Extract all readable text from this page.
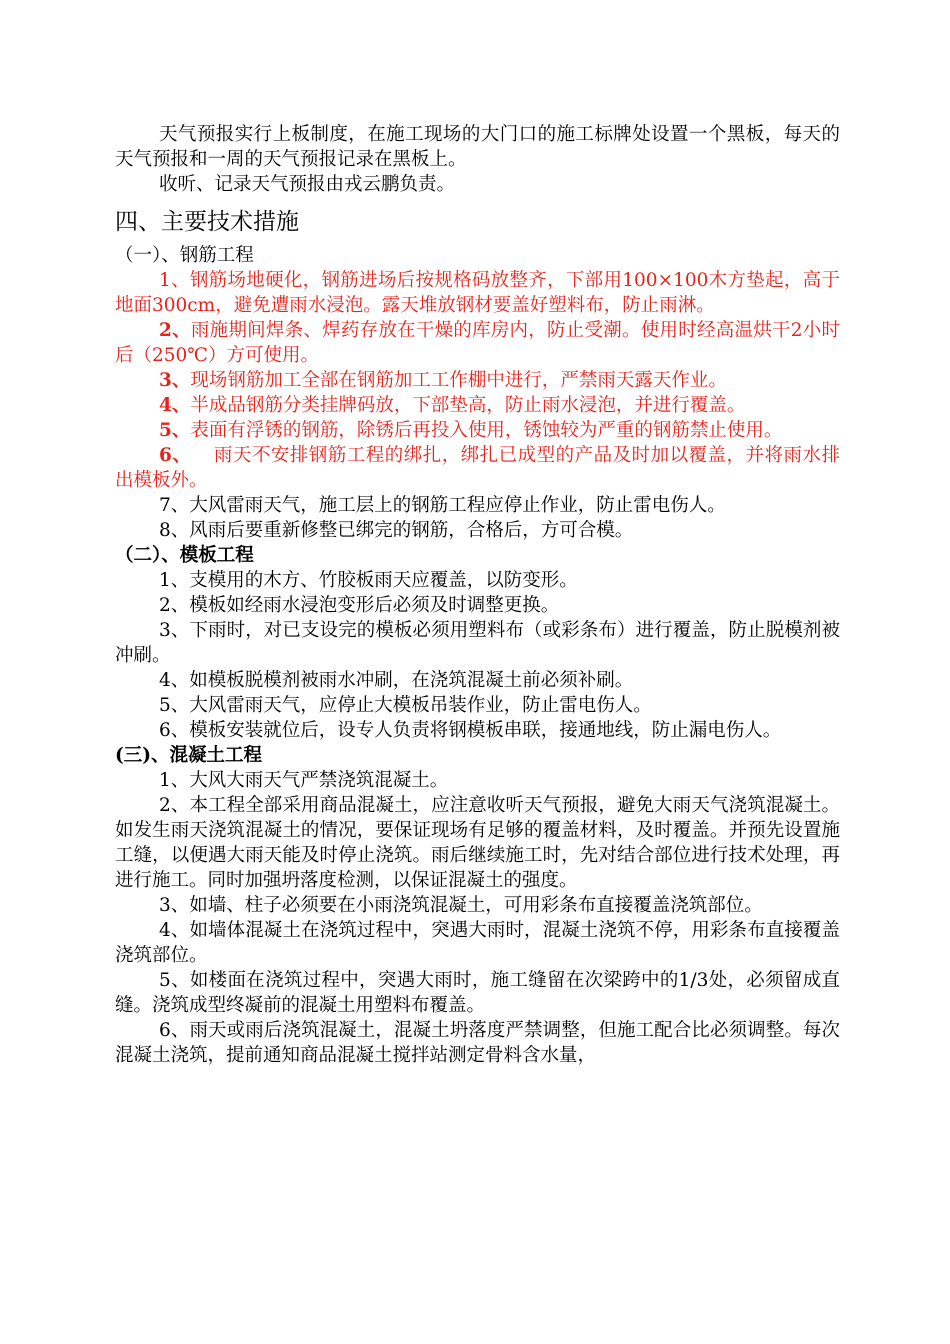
天气预报实行上板制度，在施工现场的大门口的施工标牌处设置一个黑板，每天的天气预报和一周的天气预报记录在黑板上。

收听、记录天气预报由戎云鹏负责。

四、主要技术措施

（一）、钢筋工程

1、钢筋场地硬化，钢筋进场后按规格码放整齐，下部用100×100木方垫起，高于地面300cm，避免遭雨水浸泡。露天堆放钢材要盖好塑料布，防止雨淋。

2、雨施期间焊条、焊药存放在干燥的库房内，防止受潮。使用时经高温烘干2小时后（250℃）方可使用。

3、现场钢筋加工全部在钢筋加工工作棚中进行，严禁雨天露天作业。

4、半成品钢筋分类挂牌码放，下部垫高，防止雨水浸泡，并进行覆盖。

5、表面有浮锈的钢筋，除锈后再投入使用，锈蚀较为严重的钢筋禁止使用。

6、 雨天不安排钢筋工程的绑扎，绑扎已成型的产品及时加以覆盖，并将雨水排出模板外。

7、大风雷雨天气，施工层上的钢筋工程应停止作业，防止雷电伤人。

8、风雨后要重新修整已绑完的钢筋，合格后，方可合模。

（二）、模板工程

1、支模用的木方、竹胶板雨天应覆盖，以防变形。

2、模板如经雨水浸泡变形后必须及时调整更换。

3、下雨时，对已支设完的模板必须用塑料布（或彩条布）进行覆盖，防止脱模剂被冲刷。

4、如模板脱模剂被雨水冲刷，在浇筑混凝土前必须补刷。

5、大风雷雨天气，应停止大模板吊装作业，防止雷电伤人。

6、模板安装就位后，设专人负责将钢模板串联，接通地线，防止漏电伤人。

(三)、混凝土工程

1、大风大雨天气严禁浇筑混凝土。

2、本工程全部采用商品混凝土，应注意收听天气预报，避免大雨天气浇筑混凝土。如发生雨天浇筑混凝土的情况，要保证现场有足够的覆盖材料，及时覆盖。并预先设置施工缝，以便遇大雨天能及时停止浇筑。雨后继续施工时，先对结合部位进行技术处理，再进行施工。同时加强坍落度检测，以保证混凝土的强度。

3、如墙、柱子必须要在小雨浇筑混凝土，可用彩条布直接覆盖浇筑部位。

4、如墙体混凝土在浇筑过程中，突遇大雨时，混凝土浇筑不停，用彩条布直接覆盖浇筑部位。

5、如楼面在浇筑过程中，突遇大雨时，施工缝留在次梁跨中的1/3处，必须留成直缝。浇筑成型终凝前的混凝土用塑料布覆盖。

6、雨天或雨后浇筑混凝土，混凝土坍落度严禁调整，但施工配合比必须调整。每次混凝土浇筑，提前通知商品混凝土搅拌站测定骨料含水量，
